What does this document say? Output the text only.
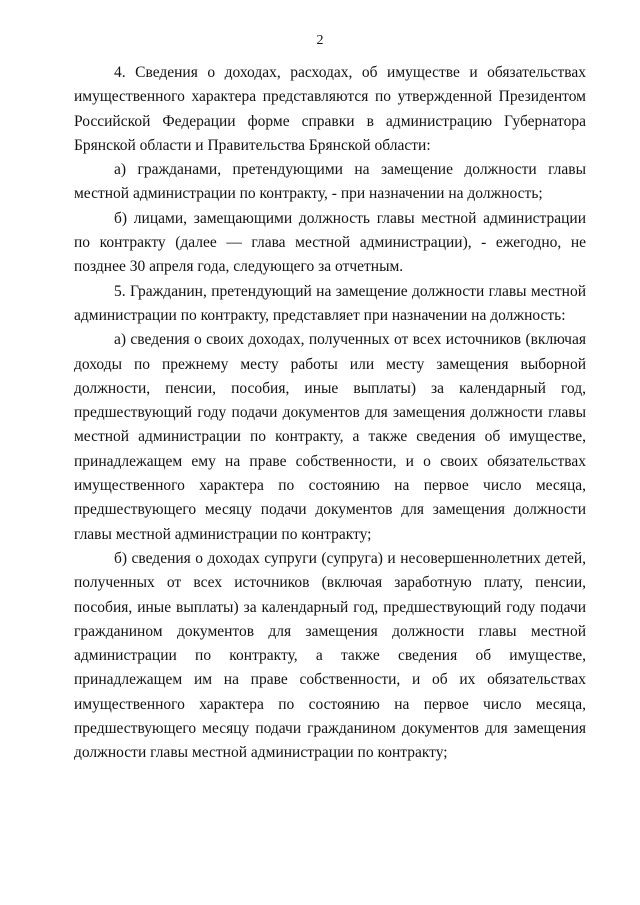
2

4. Сведения о доходах, расходах, об имуществе и обязательствах имущественного характера представляются по утвержденной Президентом Российской Федерации форме справки в администрацию Губернатора Брянской области и Правительства Брянской области:

а) гражданами, претендующими на замещение должности главы местной администрации по контракту, - при назначении на должность;

б) лицами, замещающими должность главы местной администрации по контракту (далее — глава местной администрации), - ежегодно, не позднее 30 апреля года, следующего за отчетным.

5. Гражданин, претендующий на замещение должности главы местной администрации по контракту, представляет при назначении на должность:

а) сведения о своих доходах, полученных от всех источников (включая доходы по прежнему месту работы или месту замещения выборной должности, пенсии, пособия, иные выплаты) за календарный год, предшествующий году подачи документов для замещения должности главы местной администрации по контракту, а также сведения об имуществе, принадлежащем ему на праве собственности, и о своих обязательствах имущественного характера по состоянию на первое число месяца, предшествующего месяцу подачи документов для замещения должности главы местной администрации по контракту;

б) сведения о доходах супруги (супруга) и несовершеннолетних детей, полученных от всех источников (включая заработную плату, пенсии, пособия, иные выплаты) за календарный год, предшествующий году подачи гражданином документов для замещения должности главы местной администрации по контракту, а также сведения об имуществе, принадлежащем им на праве собственности, и об их обязательствах имущественного характера по состоянию на первое число месяца, предшествующего месяцу подачи гражданином документов для замещения должности главы местной администрации по контракту;
